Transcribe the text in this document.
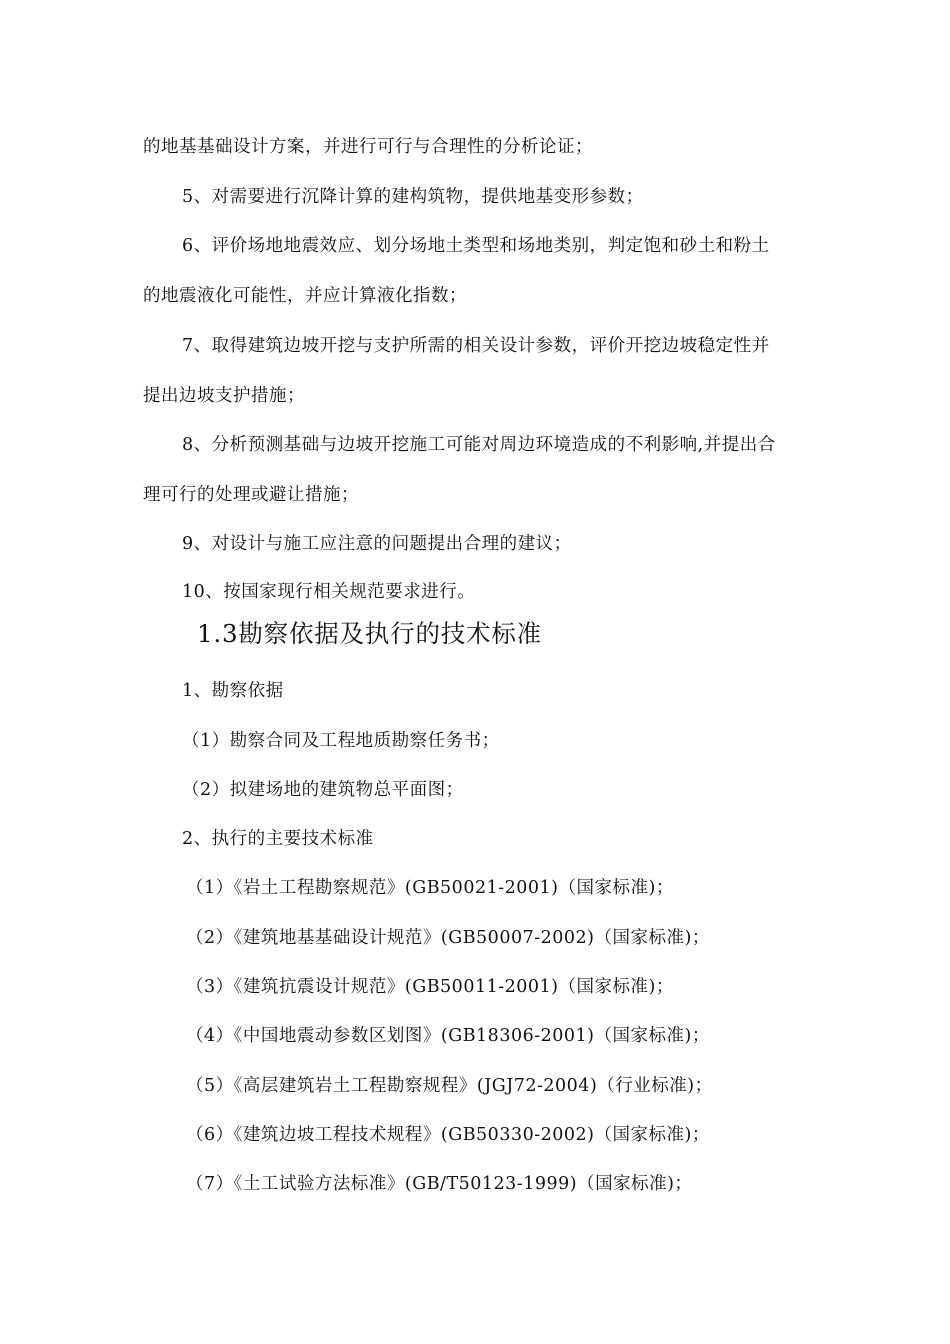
的地基基础设计方案，并进行可行与合理性的分析论证；
5、对需要进行沉降计算的建构筑物，提供地基变形参数；
6、评价场地地震效应、划分场地土类型和场地类别，判定饱和砂土和粉土
的地震液化可能性，并应计算液化指数；
7、取得建筑边坡开挖与支护所需的相关设计参数，评价开挖边坡稳定性并
提出边坡支护措施；
8、分析预测基础与边坡开挖施工可能对周边环境造成的不利影响,并提出合
理可行的处理或避让措施；
9、对设计与施工应注意的问题提出合理的建议；
10、按国家现行相关规范要求进行。
1.3勘察依据及执行的技术标准
1、勘察依据
（1）勘察合同及工程地质勘察任务书；
（2）拟建场地的建筑物总平面图；
2、执行的主要技术标准
（1）《岩土工程勘察规范》(GB50021-2001)（国家标准)；
（2）《建筑地基基础设计规范》(GB50007-2002)（国家标准)；
（3）《建筑抗震设计规范》(GB50011-2001)（国家标准)；
（4）《中国地震动参数区划图》(GB18306-2001)（国家标准)；
（5）《高层建筑岩土工程勘察规程》(JGJ72-2004)（行业标准)；
（6）《建筑边坡工程技术规程》(GB50330-2002)（国家标准)；
（7）《土工试验方法标准》(GB/T50123-1999)（国家标准)；
